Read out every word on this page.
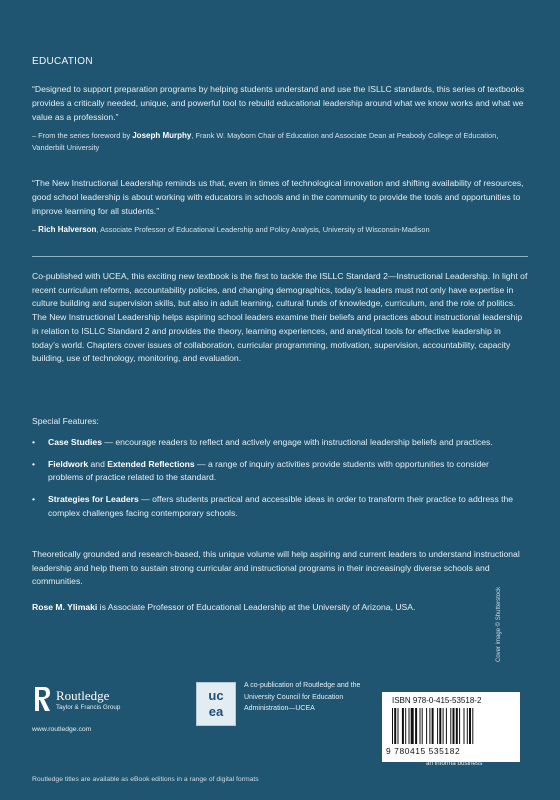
EDUCATION

“Designed to support preparation programs by helping students understand and use the ISLLC standards, this series of textbooks provides a critically needed, unique, and powerful tool to rebuild educational leadership around what we know works and what we value as a profession.”

– From the series foreword by Joseph Murphy, Frank W. Mayborn Chair of Education and Associate Dean at Peabody College of Education, Vanderbilt University

“The New Instructional Leadership reminds us that, even in times of technological innovation and shifting availability of resources, good school leadership is about working with educators in schools and in the community to provide the tools and opportunities to improve learning for all students.”

– Rich Halverson, Associate Professor of Educational Leadership and Policy Analysis, University of Wisconsin-Madison

Co-published with UCEA, this exciting new textbook is the first to tackle the ISLLC Standard 2—Instructional Leadership. In light of recent curriculum reforms, accountability policies, and changing demographics, today’s leaders must not only have expertise in culture building and supervision skills, but also in adult learning, cultural funds of knowledge, curriculum, and the role of politics. The New Instructional Leadership helps aspiring school leaders examine their beliefs and practices about instructional leadership in relation to ISLLC Standard 2 and provides the theory, learning experiences, and analytical tools for effective leadership in today’s world. Chapters cover issues of collaboration, curricular programming, motivation, supervision, accountability, capacity building, use of technology, monitoring, and evaluation.

Special Features:
• Case Studies — encourage readers to reflect and actively engage with instructional leadership beliefs and practices.
• Fieldwork and Extended Reflections — a range of inquiry activities provide students with opportunities to consider problems of practice related to the standard.
• Strategies for Leaders — offers students practical and accessible ideas in order to transform their practice to address the complex challenges facing contemporary schools.

Theoretically grounded and research-based, this unique volume will help aspiring and current leaders to understand instructional leadership and help them to sustain strong curricular and instructional programs in their increasingly diverse schools and communities.

Rose M. Ylimaki is Associate Professor of Educational Leadership at the University of Arizona, USA.
Routledge
Taylor & Francis Group
www.routledge.com
uc
ea
A co-publication of Routledge and the University Council for Education Administration—UCEA
ISBN 978-0-415-53518-2
9 780415 535182
an informa business
Cover image © Shutterstock
Routledge titles are available as eBook editions in a range of digital formats
